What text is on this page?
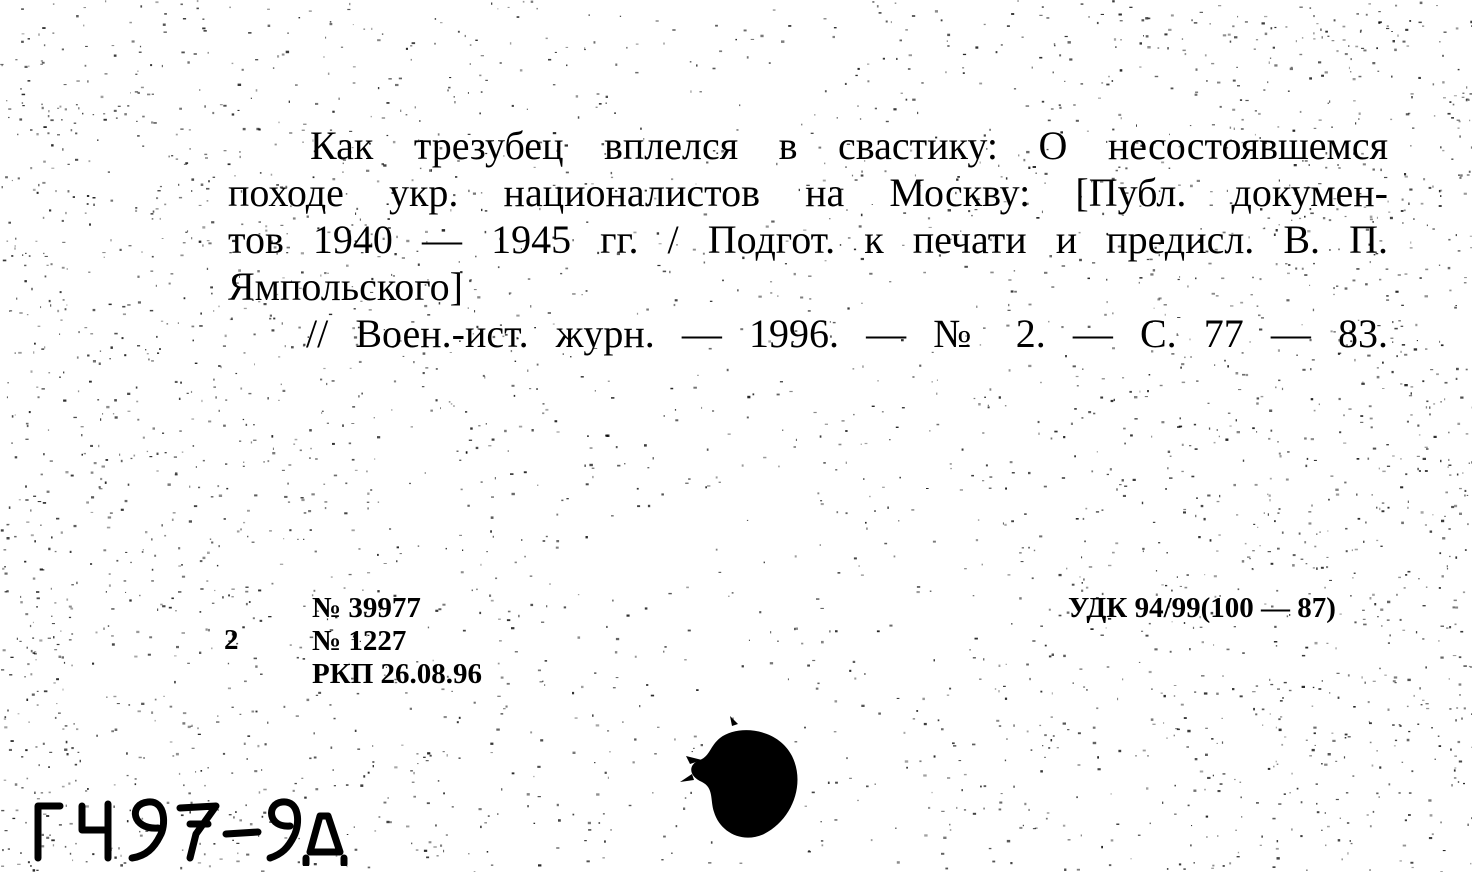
Как трезубец вплелся в свастику: О несостоявшемся
походе укр. националистов на Москву: [Публ. докумен-
тов 1940 — 1945 гг. / Подгот. к печати и предисл. В. П.
Ямпольского]
// Воен.-ист. журн. — 1996. — № 2. — С. 77 — 83.
2
№ 39977
№ 1227
РКП 26.08.96
УДК 94/99(100 — 87)
